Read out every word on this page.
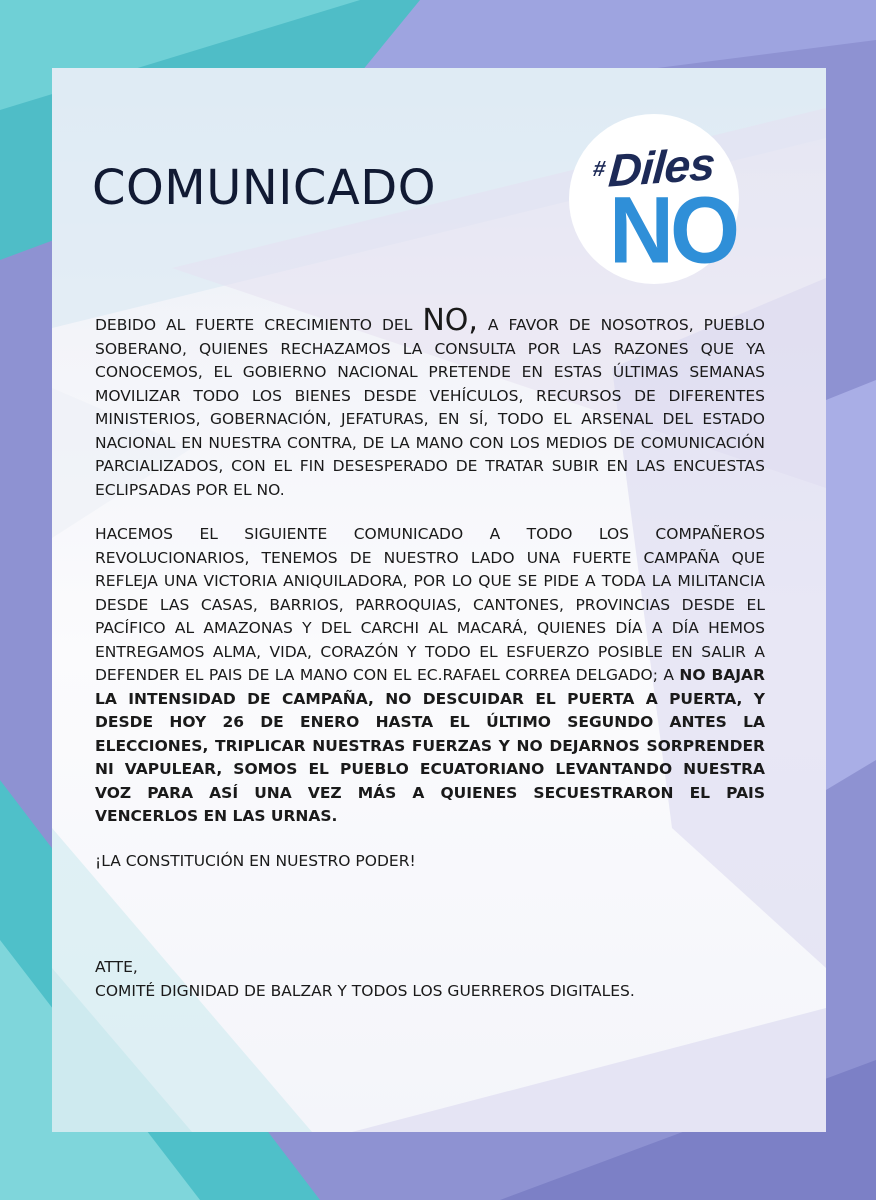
COMUNICADO	# Diles
NO

DEBIDO AL FUERTE CRECIMIENTO DEL NO, A FAVOR DE NOSOTROS, PUEBLO SOBERANO, QUIENES RECHAZAMOS LA CONSULTA POR LAS RAZONES QUE YA CONOCEMOS, EL GOBIERNO NACIONAL PRETENDE EN ESTAS ÚLTIMAS SEMANAS MOVILIZAR TODO LOS BIENES DESDE VEHÍCULOS, RECURSOS DE DIFERENTES MINISTERIOS, GOBERNACIÓN, JEFATURAS, EN SÍ, TODO EL ARSENAL DEL ESTADO NACIONAL EN NUESTRA CONTRA, DE LA MANO CON LOS MEDIOS DE COMUNICACIÓN PARCIALIZADOS, CON EL FIN DESESPERADO DE TRATAR SUBIR EN LAS ENCUESTAS ECLIPSADAS POR EL NO.

HACEMOS EL SIGUIENTE COMUNICADO A TODO LOS COMPAÑEROS REVOLUCIONARIOS, TENEMOS DE NUESTRO LADO UNA FUERTE CAMPAÑA QUE REFLEJA UNA VICTORIA ANIQUILADORA, POR LO QUE SE PIDE A TODA LA MILITANCIA DESDE LAS CASAS, BARRIOS, PARROQUIAS, CANTONES, PROVINCIAS DESDE EL PACÍFICO AL AMAZONAS Y DEL CARCHI AL MACARÁ, QUIENES DÍA A DÍA HEMOS ENTREGAMOS ALMA, VIDA, CORAZÓN Y TODO EL ESFUERZO POSIBLE EN SALIR A DEFENDER EL PAIS DE LA MANO CON EL EC.RAFAEL CORREA DELGADO; A NO BAJAR LA INTENSIDAD DE CAMPAÑA, NO DESCUIDAR EL PUERTA A PUERTA, Y DESDE HOY 26 DE ENERO HASTA EL ÚLTIMO SEGUNDO ANTES LA ELECCIONES, TRIPLICAR NUESTRAS FUERZAS Y NO DEJARNOS SORPRENDER NI VAPULEAR, SOMOS EL PUEBLO ECUATORIANO LEVANTANDO NUESTRA VOZ PARA ASÍ UNA VEZ MÁS A QUIENES SECUESTRARON EL PAIS VENCERLOS EN LAS URNAS.

¡LA CONSTITUCIÓN EN NUESTRO PODER!

ATTE,
COMITÉ DIGNIDAD DE BALZAR Y TODOS LOS GUERREROS DIGITALES.
